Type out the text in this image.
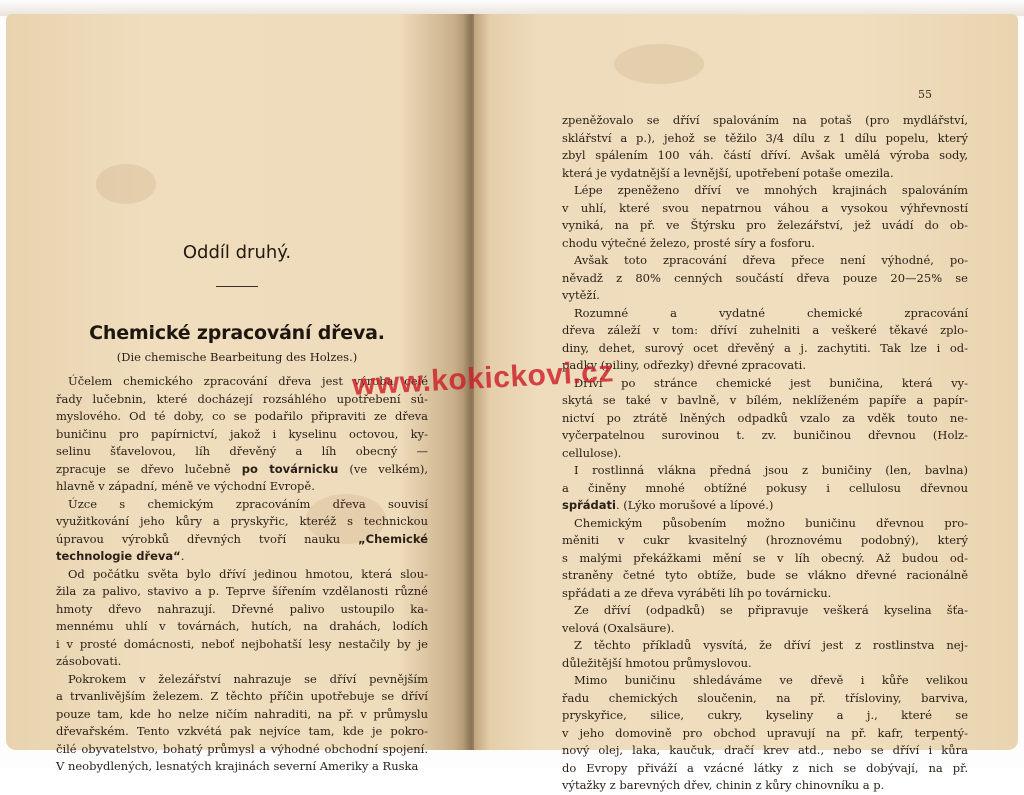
Oddíl druhý.
Chemické zpracování dřeva.
(Die chemische Bearbeitung des Holzes.)
Účelem chemického zpracování dřeva jest výroba celé
řady lučebnin, které docházejí rozsáhlého upotřebení sú-
myslového. Od té doby, co se podařilo připraviti ze dřeva
buničinu pro papírnictví, jakož i kyselinu octovou, ky-
selinu šťavelovou, líh dřevěný a líh obecný —
zpracuje se dřevo lučebně po továrnicku (ve velkém),
hlavně v západní, méně ve východní Evropě.
Úzce s chemickým zpracováním dřeva souvisí
využitkování jeho kůry a pryskyřic, kteréž s technickou
úpravou výrobků dřevných tvoří nauku „Chemické
technologie dřeva“.
Od počátku světa bylo dříví jedinou hmotou, která slou-
žila za palivo, stavivo a p. Teprve šířením vzdělanosti různé
hmoty dřevo nahrazují. Dřevné palivo ustoupilo ka-
mennému uhlí v továrnách, hutích, na drahách, lodích
i v prosté domácnosti, neboť nejbohatší lesy nestačily by je
zásobovati.
Pokrokem v železářství nahrazuje se dříví pevnějším
a trvanlivějším železem. Z těchto příčin upotřebuje se dříví
pouze tam, kde ho nelze ničím nahraditi, na př. v průmyslu
dřevařském. Tento vzkvétá pak nejvíce tam, kde je pokro-
čilé obyvatelstvo, bohatý průmysl a výhodné obchodní spojení.
V neobydlených, lesnatých krajinách severní Ameriky a Ruska
55
zpeněžovalo se dříví spalováním na potaš (pro mydlářství,
sklářství a p.), jehož se těžilo 3/4 dílu z 1 dílu popelu, který
zbyl spálením 100 váh. částí dříví. Avšak umělá výroba sody,
která je vydatnější a levnější, upotřebení potaše omezila.
Lépe zpeněženo dříví ve mnohých krajinách spalováním
v uhlí, které svou nepatrnou váhou a vysokou výhřevností
vyniká, na př. ve Štýrsku pro železářství, jež uvádí do ob-
chodu výtečné železo, prosté síry a fosforu.
Avšak toto zpracování dřeva přece není výhodné, po-
něvadž z 80% cenných součástí dřeva pouze 20—25% se
vytěží.
Rozumné a vydatné chemické zpracování
dřeva záleží v tom: dříví zuhelniti a veškeré těkavé zplo-
diny, dehet, surový ocet dřevěný a j. zachytiti. Tak lze i od-
padky (piliny, odřezky) dřevné zpracovati.
Dříví po stránce chemické jest buničina, která vy-
skytá se také v bavlně, v bílém, neklíženém papíře a papír-
nictví po ztrátě lněných odpadků vzalo za vděk touto ne-
vyčerpatelnou surovinou t. zv. buničinou dřevnou (Holz-
cellulose).
I rostlinná vlákna předná jsou z buničiny (len, bavlna)
a činěny mnohé obtížné pokusy i cellulosu dřevnou
spřádati. (Lýko morušové a lípové.)
Chemickým působením možno buničinu dřevnou pro-
měniti v cukr kvasitelný (hroznovému podobný), který
s malými překážkami mění se v líh obecný. Až budou od-
straněny četné tyto obtíže, bude se vlákno dřevné racionálně
spřádati a ze dřeva vyráběti líh po továrnicku.
Ze dříví (odpadků) se připravuje veškerá kyselina šťa-
velová (Oxalsäure).
Z těchto příkladů vysvítá, že dříví jest z rostlinstva nej-
důležitější hmotou průmyslovou.
Mimo buničinu shledáváme ve dřevě i kůře velikou
řadu chemických sloučenin, na př. třísloviny, barviva,
pryskyřice, silice, cukry, kyseliny a j., které se
v jeho domovině pro obchod upravují na př. kafr, terpentý-
nový olej, laka, kaučuk, dračí krev atd., nebo se dříví i kůra
do Evropy přiváží a vzácné látky z nich se dobývají, na př.
výtažky z barevných dřev, chinin z kůry chinovníku a p.
www.kokickovi.cz
